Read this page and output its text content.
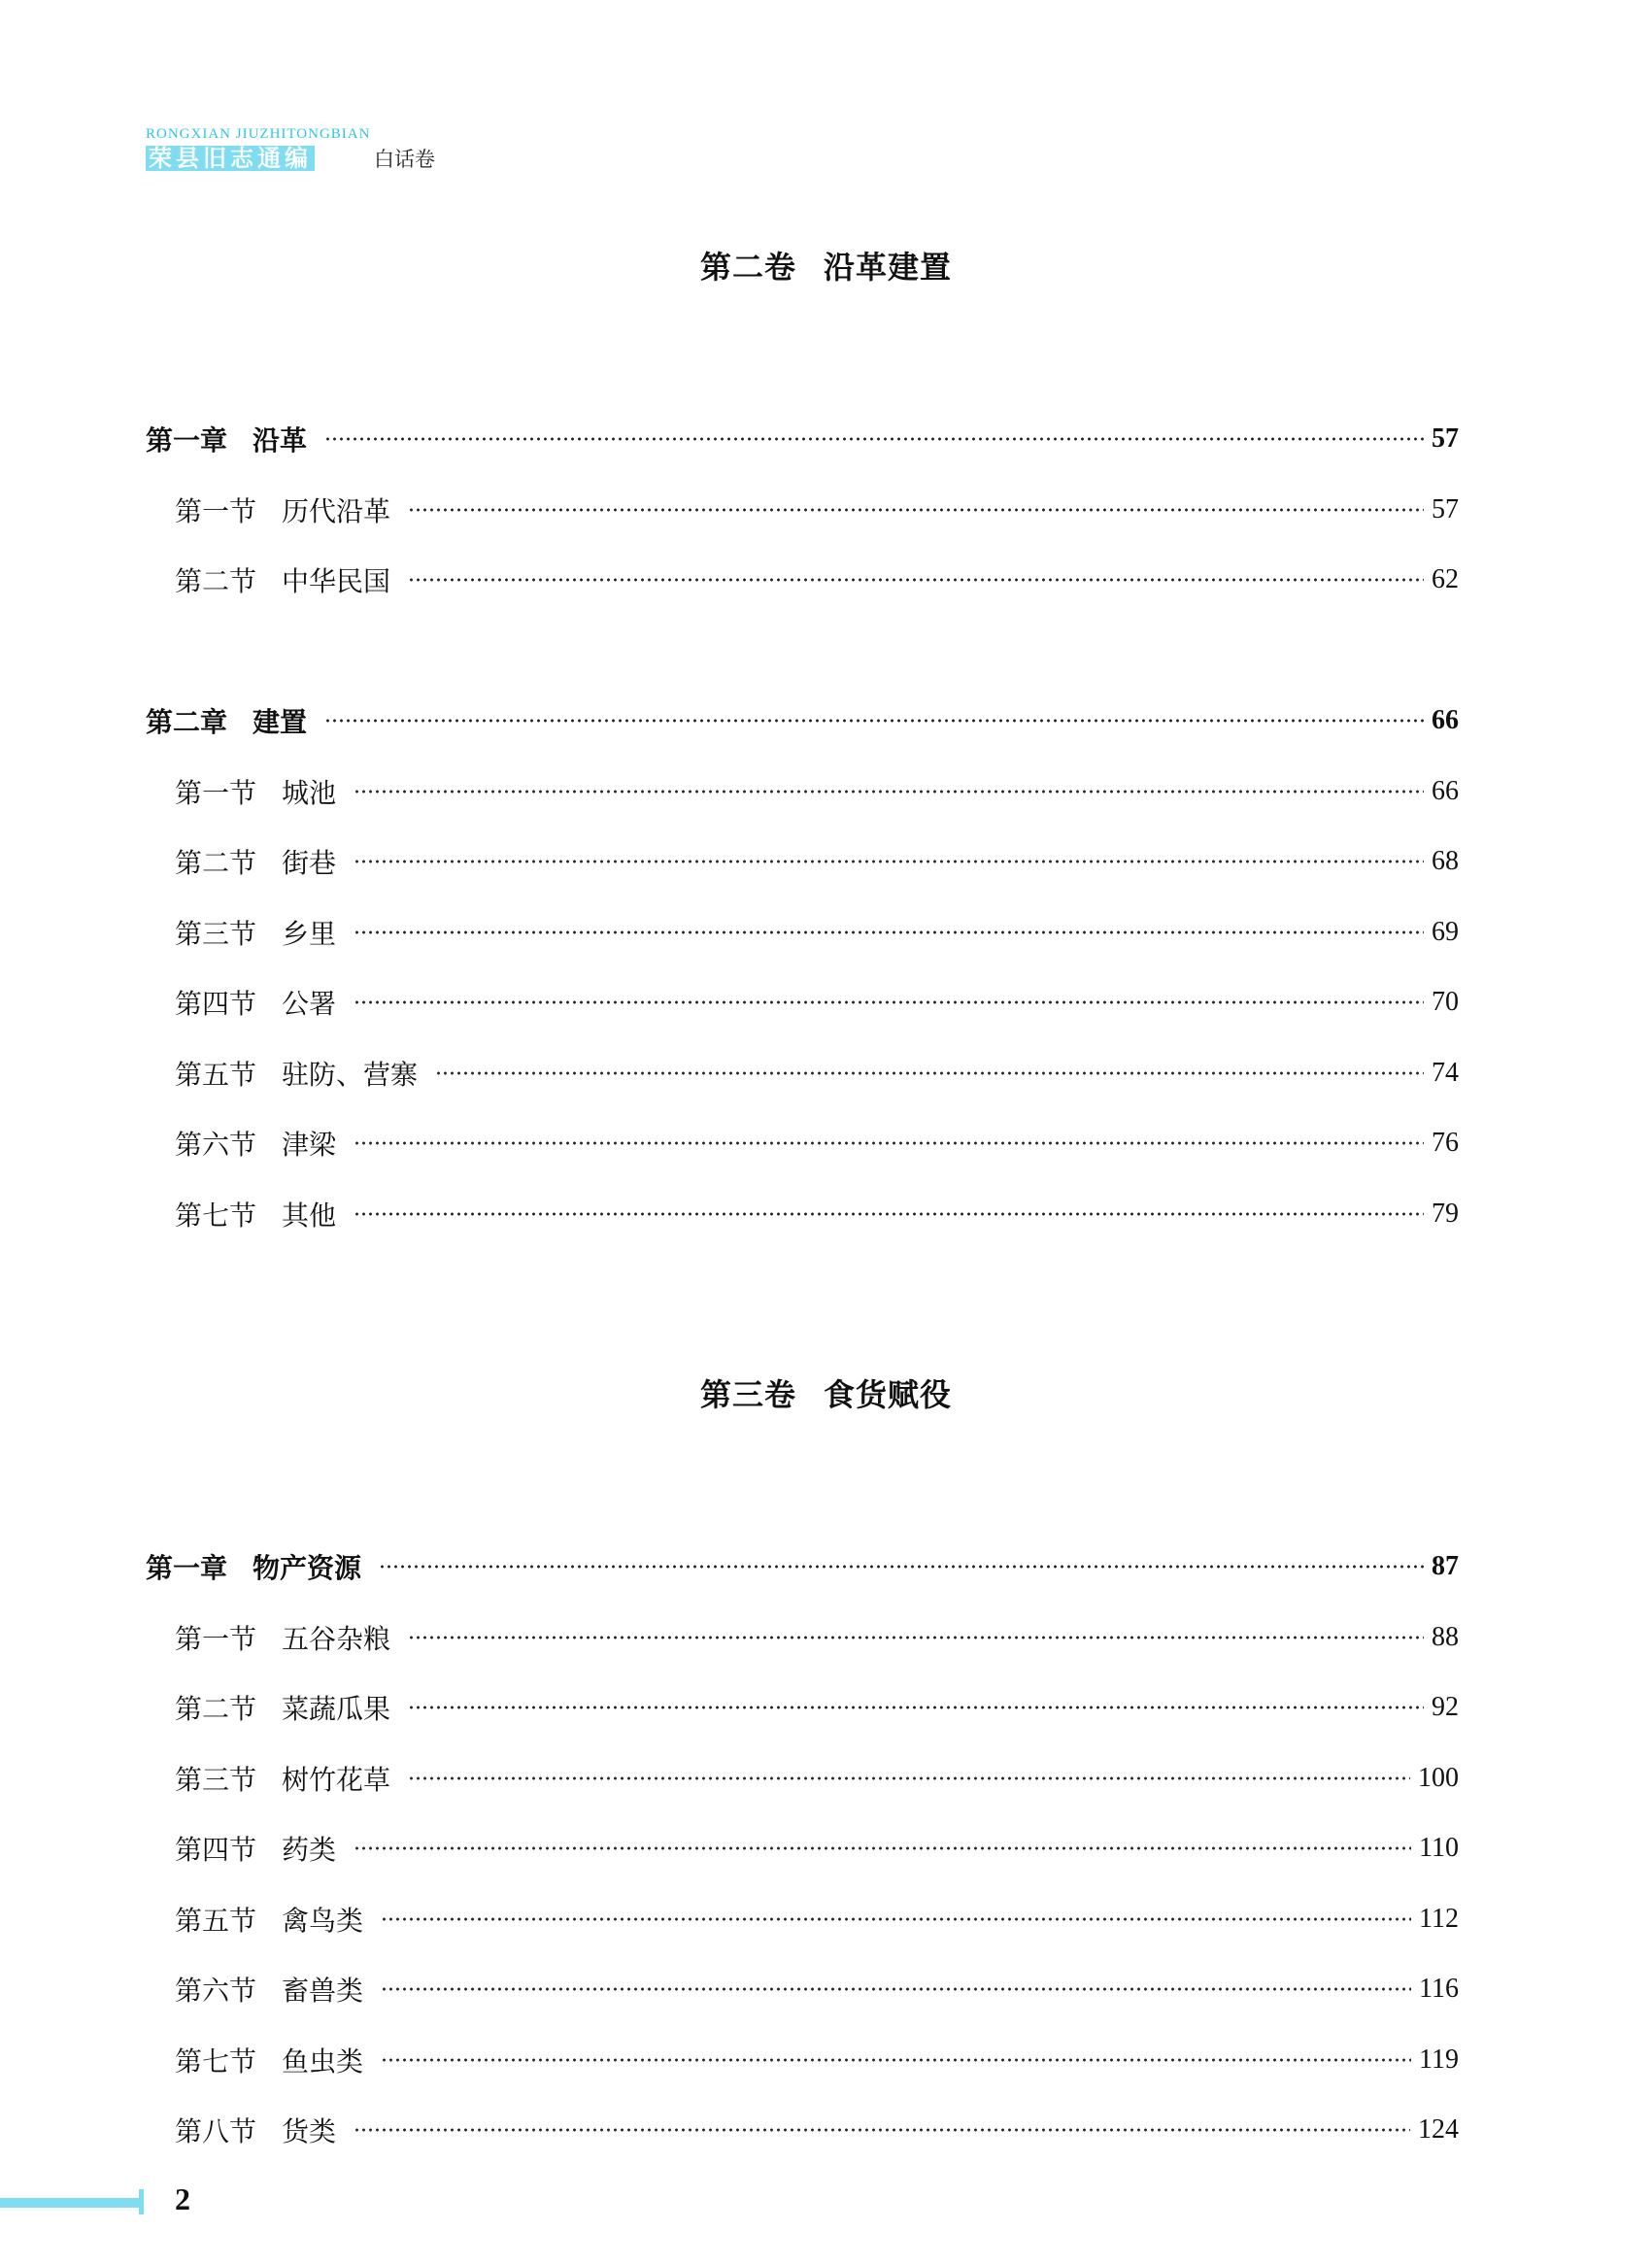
RONGXIAN JIUZHITONGBIAN
荣县旧志通编	白话卷
第二卷 沿革建置
第一章 沿革	57
第一节 历代沿革	57
第二节 中华民国	62
第二章 建置	66
第一节 城池	66
第二节 街巷	68
第三节 乡里	69
第四节 公署	70
第五节 驻防、营寨	74
第六节 津梁	76
第七节 其他	79
第三卷 食货赋役
第一章 物产资源	87
第一节 五谷杂粮	88
第二节 菜蔬瓜果	92
第三节 树竹花草	100
第四节 药类	110
第五节 禽鸟类	112
第六节 畜兽类	116
第七节 鱼虫类	119
第八节 货类	124
2
